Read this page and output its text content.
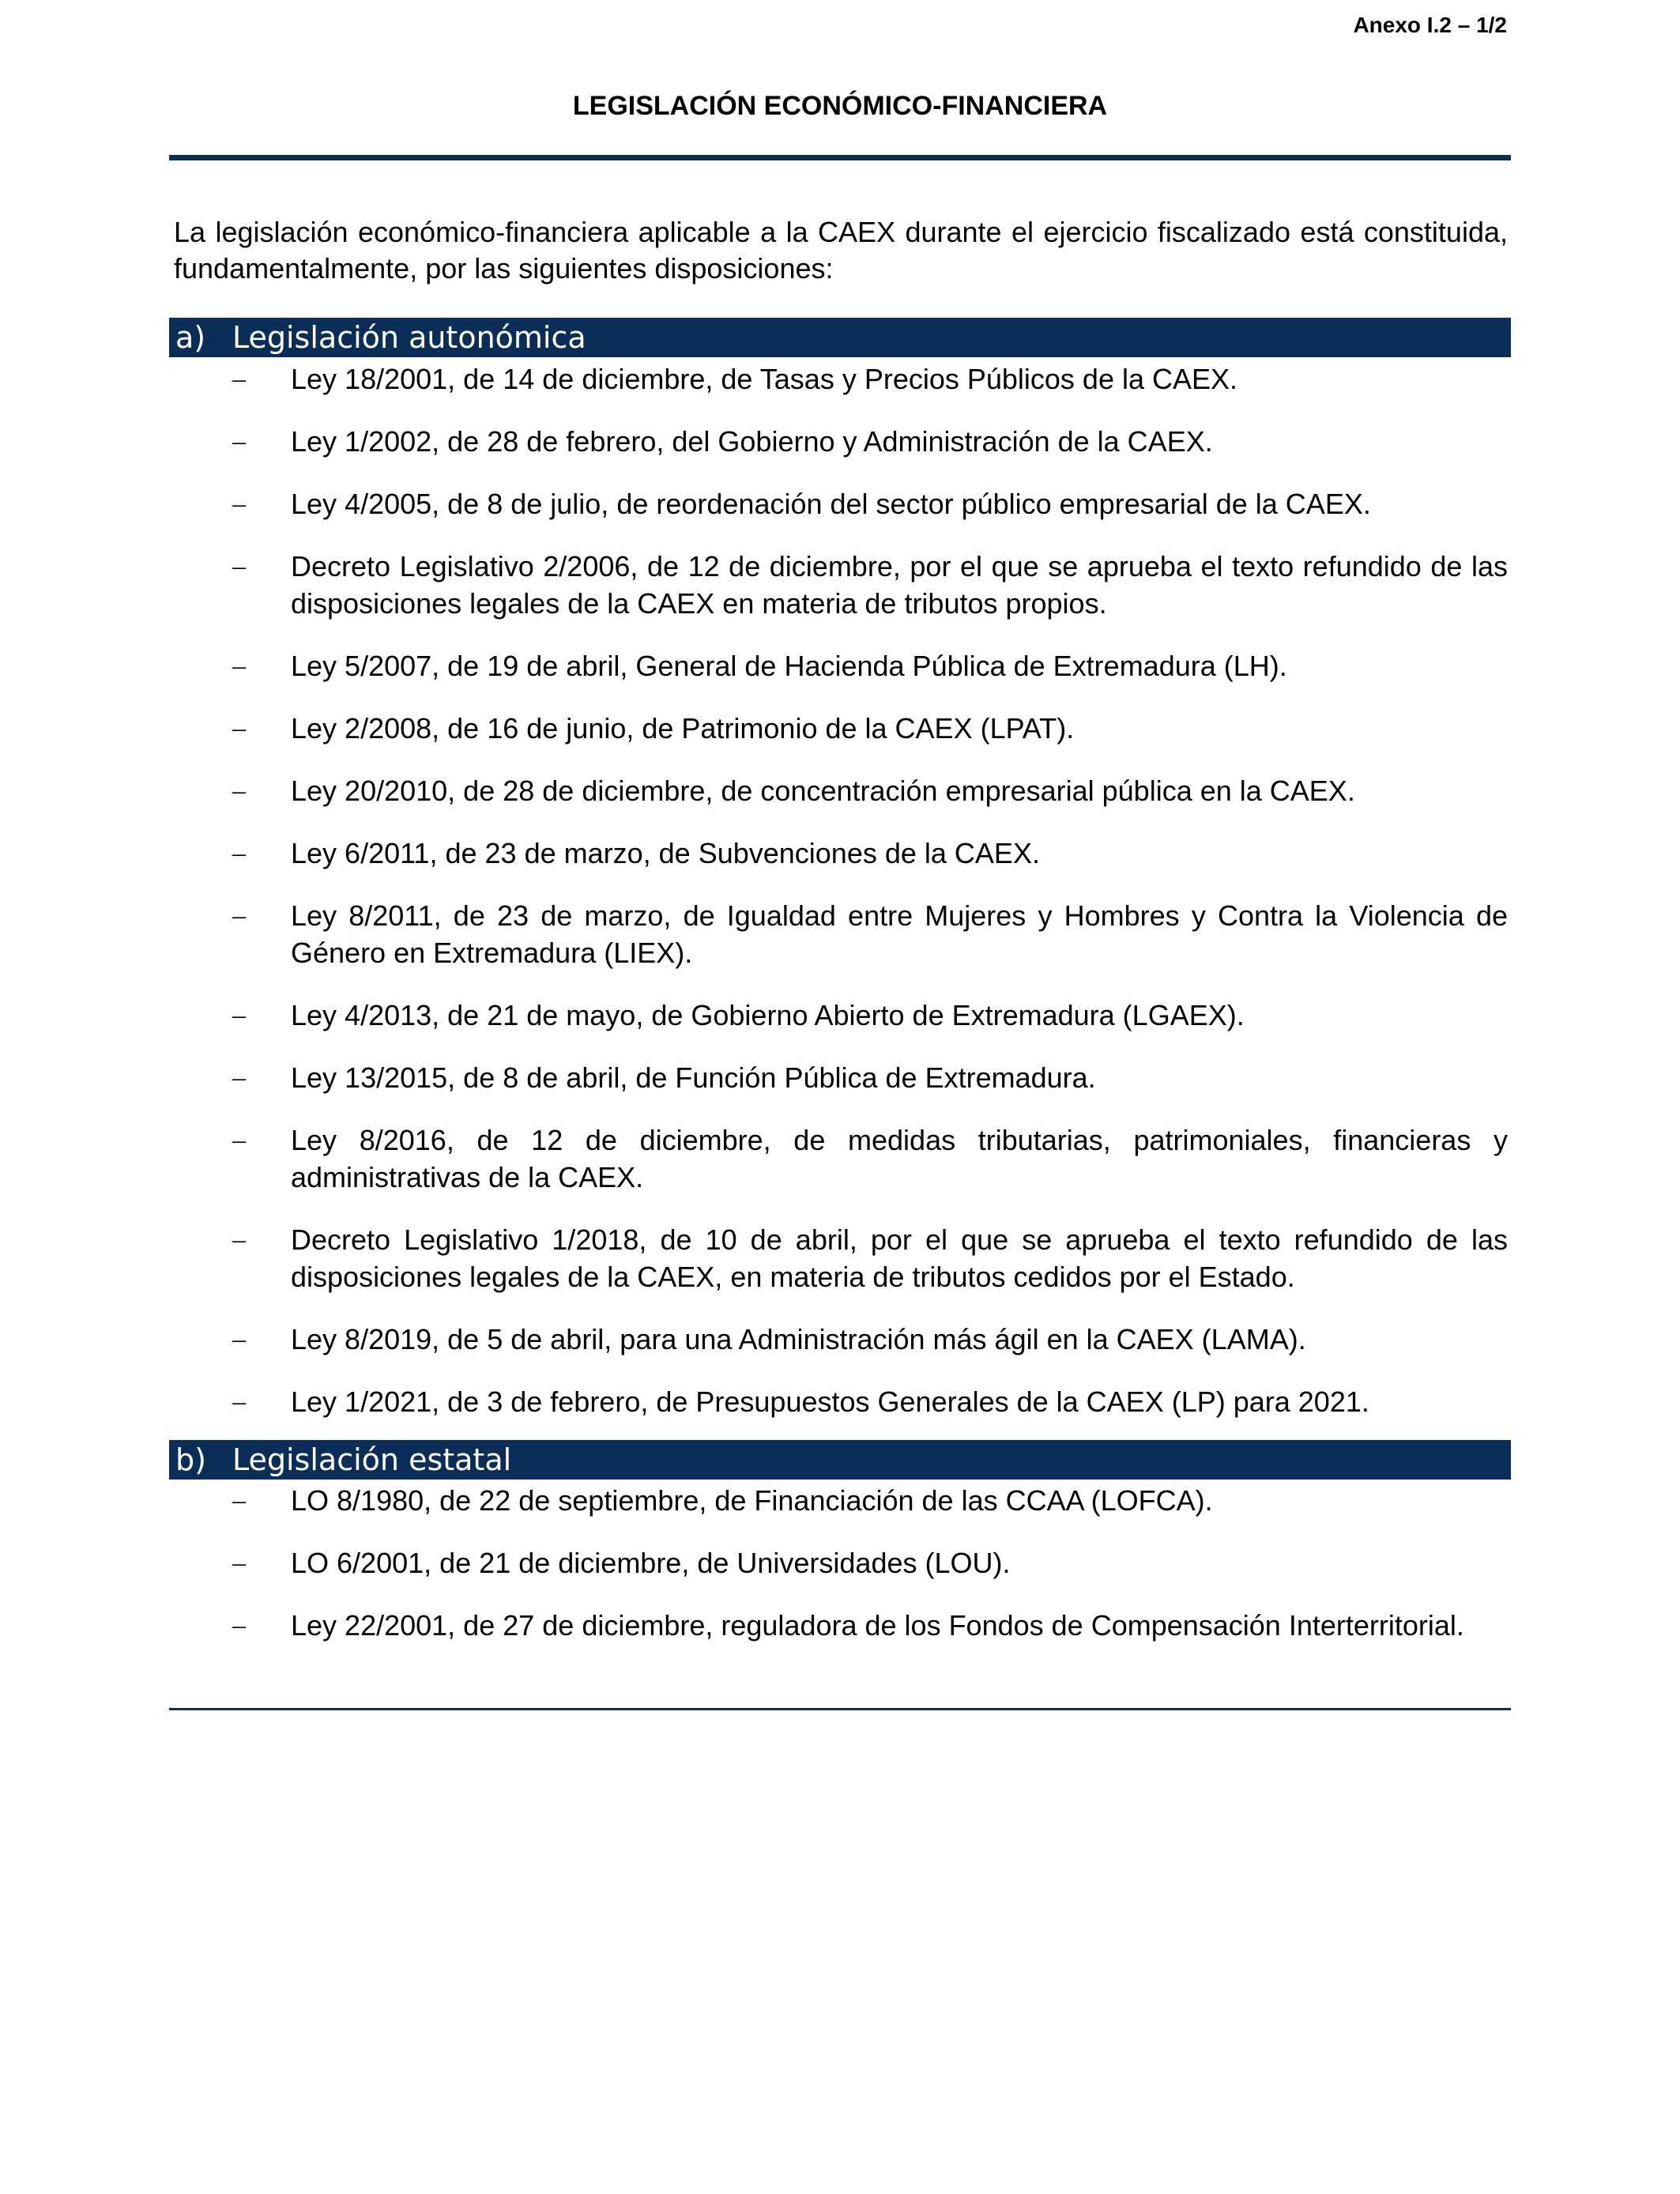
Anexo I.2 – 1/2
LEGISLACIÓN ECONÓMICO-FINANCIERA
La legislación económico-financiera aplicable a la CAEX durante el ejercicio fiscalizado está constituida, fundamentalmente, por las siguientes disposiciones:
a) Legislación autonómica
– Ley 18/2001, de 14 de diciembre, de Tasas y Precios Públicos de la CAEX.
– Ley 1/2002, de 28 de febrero, del Gobierno y Administración de la CAEX.
– Ley 4/2005, de 8 de julio, de reordenación del sector público empresarial de la CAEX.
– Decreto Legislativo 2/2006, de 12 de diciembre, por el que se aprueba el texto refundido de las disposiciones legales de la CAEX en materia de tributos propios.
– Ley 5/2007, de 19 de abril, General de Hacienda Pública de Extremadura (LH).
– Ley 2/2008, de 16 de junio, de Patrimonio de la CAEX (LPAT).
– Ley 20/2010, de 28 de diciembre, de concentración empresarial pública en la CAEX.
– Ley 6/2011, de 23 de marzo, de Subvenciones de la CAEX.
– Ley 8/2011, de 23 de marzo, de Igualdad entre Mujeres y Hombres y Contra la Violencia de Género en Extremadura (LIEX).
– Ley 4/2013, de 21 de mayo, de Gobierno Abierto de Extremadura (LGAEX).
– Ley 13/2015, de 8 de abril, de Función Pública de Extremadura.
– Ley 8/2016, de 12 de diciembre, de medidas tributarias, patrimoniales, financieras y administrativas de la CAEX.
– Decreto Legislativo 1/2018, de 10 de abril, por el que se aprueba el texto refundido de las disposiciones legales de la CAEX, en materia de tributos cedidos por el Estado.
– Ley 8/2019, de 5 de abril, para una Administración más ágil en la CAEX (LAMA).
– Ley 1/2021, de 3 de febrero, de Presupuestos Generales de la CAEX (LP) para 2021.
b) Legislación estatal
– LO 8/1980, de 22 de septiembre, de Financiación de las CCAA (LOFCA).
– LO 6/2001, de 21 de diciembre, de Universidades (LOU).
– Ley 22/2001, de 27 de diciembre, reguladora de los Fondos de Compensación Interterritorial.
